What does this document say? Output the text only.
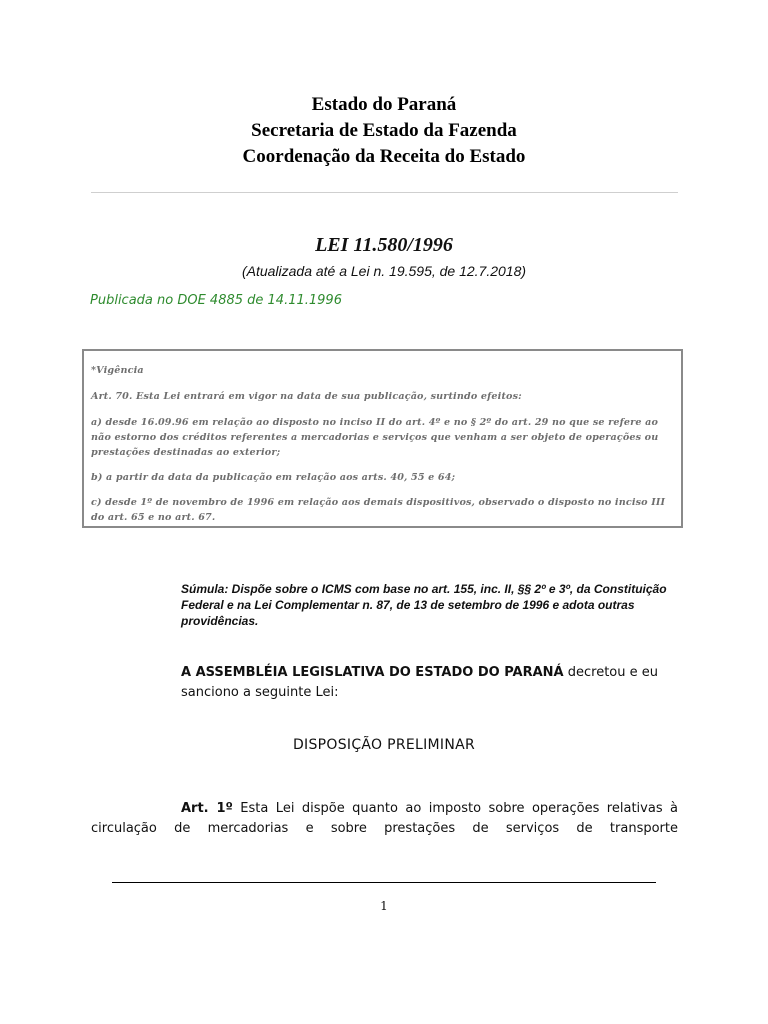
Estado do Paraná
Secretaria de Estado da Fazenda
Coordenação da Receita do Estado
LEI 11.580/1996
(Atualizada até a Lei n. 19.595, de 12.7.2018)
Publicada no DOE 4885 de 14.11.1996

*Vigência

Art. 70. Esta Lei entrará em vigor na data de sua publicação, surtindo efeitos:

a) desde 16.09.96 em relação ao disposto no inciso II do art. 4º e no § 2º do art. 29 no que se refere ao não estorno dos créditos referentes a mercadorias e serviços que venham a ser objeto de operações ou prestações destinadas ao exterior;

b) a partir da data da publicação em relação aos arts. 40, 55 e 64;

c) desde 1º de novembro de 1996 em relação aos demais dispositivos, observado o disposto no inciso III do art. 65 e no art. 67.

Súmula: Dispõe sobre o ICMS com base no art. 155, inc. II, §§ 2º e 3º, da Constituição Federal e na Lei Complementar n. 87, de 13 de setembro de 1996 e adota outras providências.
A ASSEMBLÉIA LEGISLATIVA DO ESTADO DO PARANÁ decretou e eu sanciono a seguinte Lei:
DISPOSIÇÃO PRELIMINAR
Art. 1º Esta Lei dispõe quanto ao imposto sobre operações relativas à circulação de mercadorias e sobre prestações de serviços de transporte
1
